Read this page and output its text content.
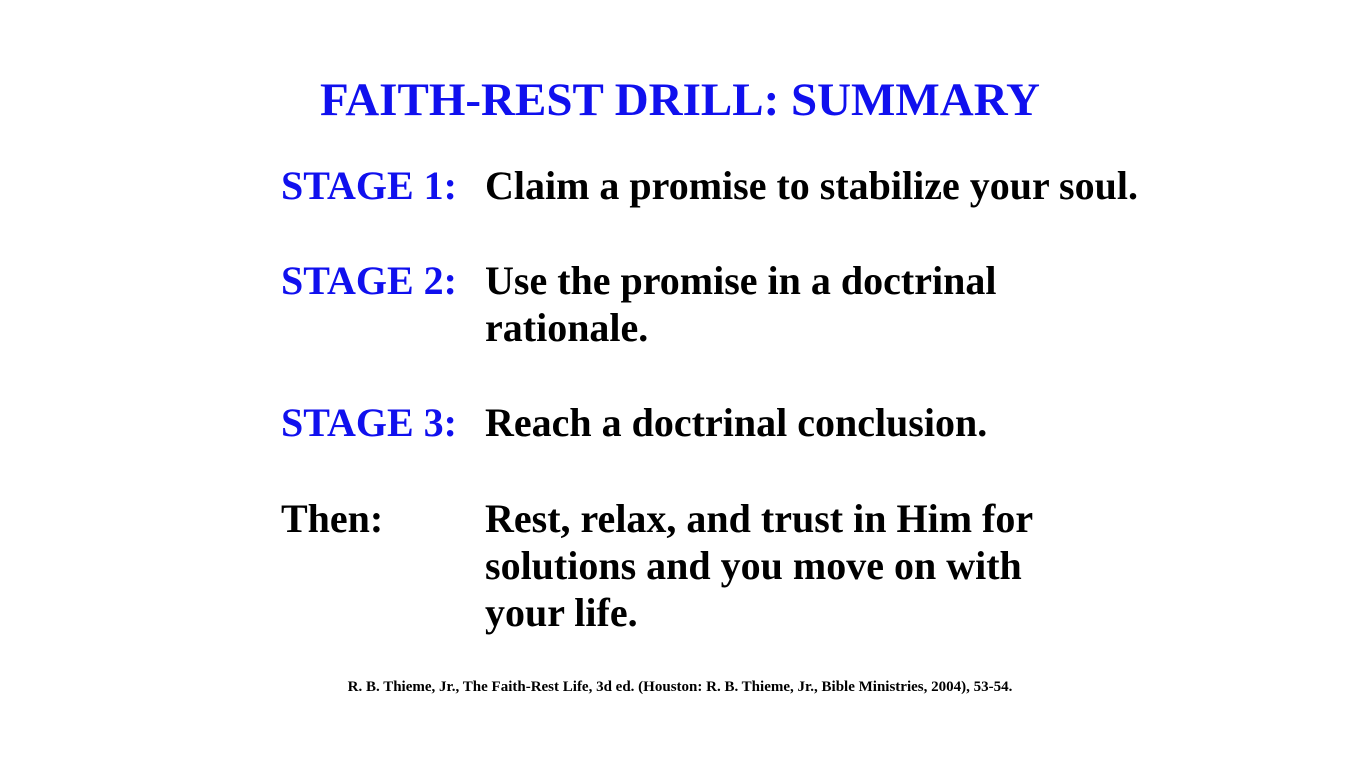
FAITH-REST DRILL: SUMMARY
STAGE 1: Claim a promise to stabilize your soul.
STAGE 2: Use the promise in a doctrinal
rationale.
STAGE 3: Reach a doctrinal conclusion.
Then:	Rest, relax, and trust in Him for
solutions and you move on with
your life.
R. B. Thieme, Jr., The Faith-Rest Life, 3d ed. (Houston: R. B. Thieme, Jr., Bible Ministries, 2004), 53-54.
